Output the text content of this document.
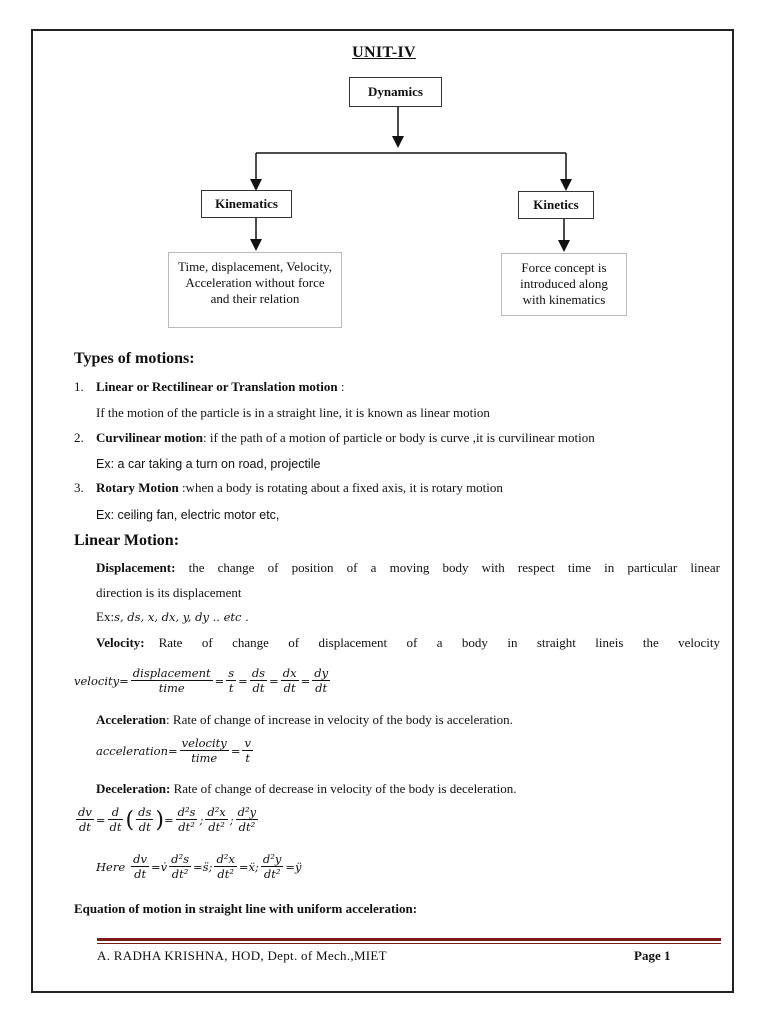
UNIT-IV
Dynamics
Kinematics	Kinetics
Time, displacement, Velocity, Acceleration without force and their relation
Force concept is introduced along with kinematics
Types of motions:
1. Linear or Rectilinear or Translation motion :
If the motion of the particle is in a straight line, it is known as linear motion
2. Curvilinear motion: if the path of a motion of particle or body is curve ,it is curvilinear motion
Ex: a car taking a turn on road, projectile
3. Rotary Motion :when a body is rotating about a fixed axis, it is rotary motion
Ex: ceiling fan, electric motor etc,
Linear Motion:
Displacement: the change of position of a moving body with respect time in particular linear
direction is its displacement
Ex:s, ds, x, dx, y, dy .. etc .
Velocity: Rate of change of displacement of a body in straight lineis the velocity
velocity = $\frac{\text{displacement}}{\text{time}} = \frac{s}{t} = \frac{ds}{dt} = \frac{dx}{dt} = \frac{dy}{dt}$
Acceleration: Rate of change of increase in velocity of the body is acceleration.
acceleration = $\frac{\text{velocity}}{\text{time}} = \frac{v}{t}$
Deceleration: Rate of change of decrease in velocity of the body is deceleration.
$\frac{dv}{dt} = \frac{d}{dt}$ ( $\frac{ds}{dt}$ ) = $\frac{\text{d²s}}{\text{dt²}}$ ; $\frac{\text{d²x}}{\text{dt²}}$ ; $\frac{\text{d²y}}{\text{dt²}}$
Here $\frac{dv}{dt}$ = v̇ $\frac{\text{d²s}}{\text{dt²}}$ = s̈ ; $\frac{\text{d²x}}{\text{dt²}}$ = ẍ ; $\frac{\text{d²y}}{\text{dt²}}$ = ÿ
Equation of motion in straight line with uniform acceleration:
A. RADHA KRISHNA, HOD, Dept. of Mech.,MIET	Page 1
